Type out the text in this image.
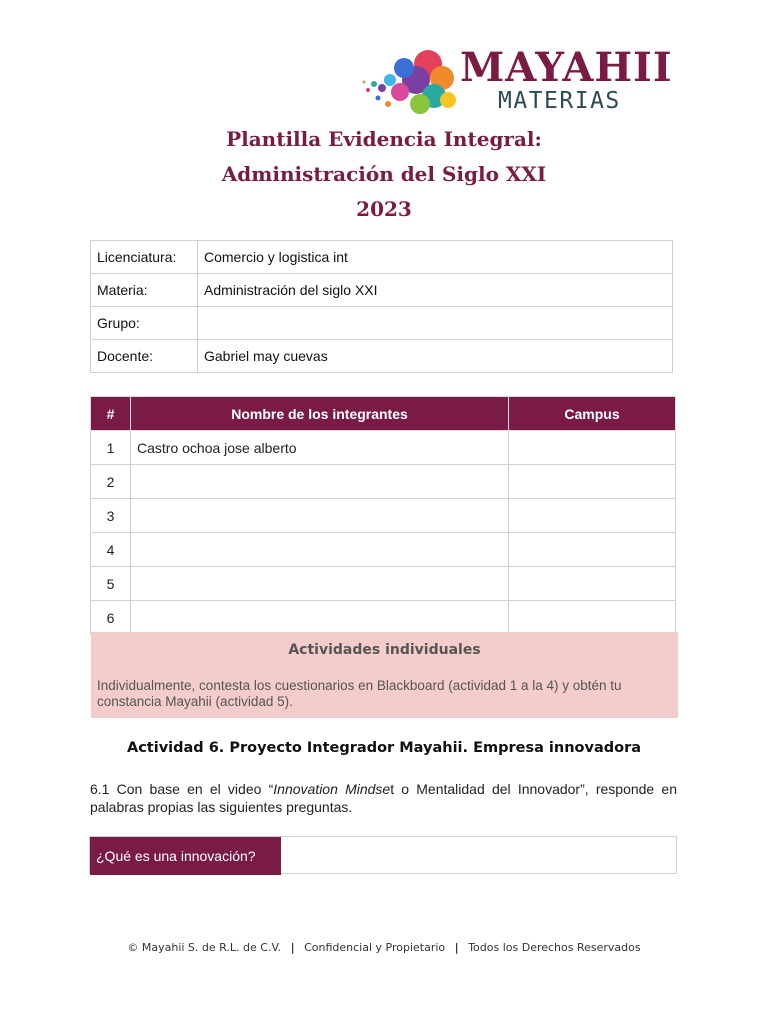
MAYAHII
MATERIAS
Plantilla Evidencia Integral:
Administración del Siglo XXI
2023
Licenciatura:	Comercio y logistica int
Materia:	Administración del siglo XXI
Grupo:	
Docente:	Gabriel may cuevas
#	Nombre de los integrantes	Campus
1	Castro ochoa jose alberto	
2		
3		
4		
5		
6		
Actividades individuales
Individualmente, contesta los cuestionarios en Blackboard (actividad 1 a la 4) y obtén tu constancia Mayahii (actividad 5).
Actividad 6. Proyecto Integrador Mayahii. Empresa innovadora
6.1 Con base en el video “Innovation Mindset o Mentalidad del Innovador”, responde en palabras propias las siguientes preguntas.
¿Qué es una innovación?
© Mayahii S. de R.L. de C.V. | Confidencial y Propietario | Todos los Derechos Reservados
